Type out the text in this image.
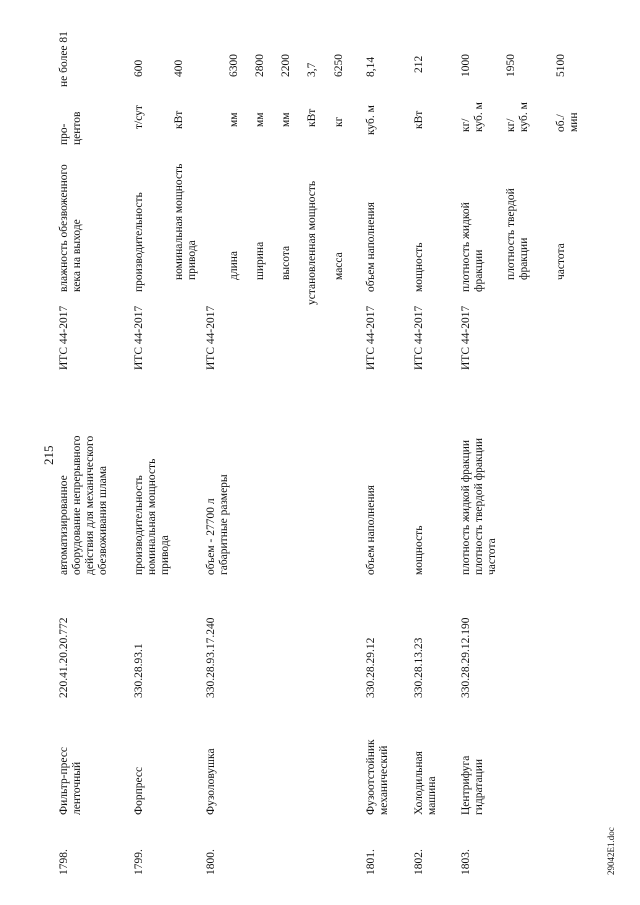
215
1798.
Фильтр-пресс
ленточный
220.41.20.20.772
автоматизированное
оборудование непрерывного
действия для механического
обезвоживания шлама
ИТС 44-2017
влажность обезвоженного
кека на выходе
про-
центов
не более 81
1799.
Форпресс
330.28.93.1
производительность
номинальная мощность
привода
ИТС 44-2017
производительность
т/сут
600
номинальная мощность
привода
кВт
400
1800.
Фузоловушка
330.28.93.17.240
объем - 27700 л
габаритные размеры
ИТС 44-2017
длина
мм
6300
ширина
мм
2800
высота
мм
2200
установленная мощность
кВт
3,7
масса
кг
6250
1801.
Фузоотстойник
механический
330.28.29.12
объем наполнения
ИТС 44-2017
объем наполнения
куб. м
8,14
1802.
Холодильная
машина
330.28.13.23
мощность
ИТС 44-2017
мощность
кВт
212
1803.
Центрифуга
гидратации
330.28.29.12.190
плотность жидкой фракции
плотность твердой фракции
частота
ИТС 44-2017
плотность жидкой
фракции
кг/
куб. м
1000
плотность твердой
фракции
кг/
куб. м
1950
частота
об./
мин
5100
29042E1.doc
